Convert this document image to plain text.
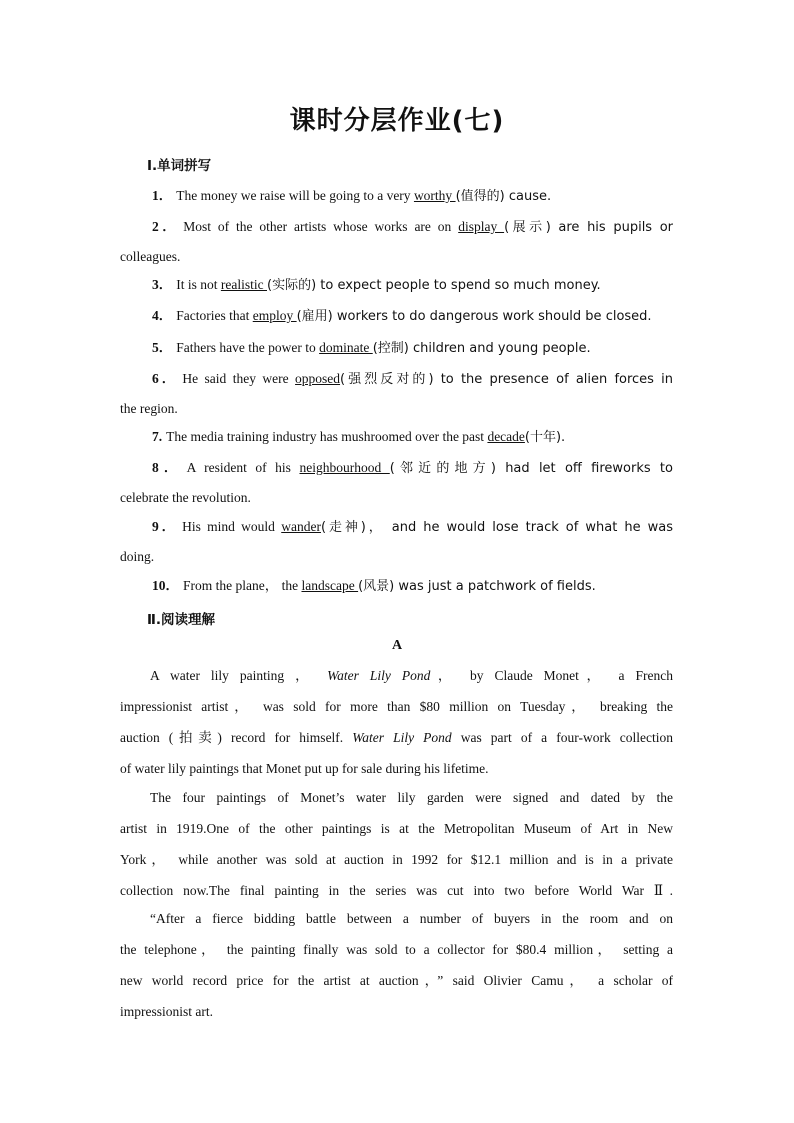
课时分层作业(七)
Ⅰ.单词拼写
1． The money we raise will be going to a very worthy (值得的) cause.
2． Most of the other artists whose works are on display (展示) are his pupils or
colleagues.
3． It is not realistic (实际的) to expect people to spend so much money.
4． Factories that employ (雇用) workers to do dangerous work should be closed.
5． Fathers have the power to dominate (控制) children and young people.
6． He said they were opposed(强烈反对的) to the presence of alien forces in
the region.
7. The media training industry has mushroomed over the past decade(十年).
8． A resident of his neighbourhood (邻近的地方) had let off fireworks to
celebrate the revolution.
9． His mind would wander(走神)， and he would lose track of what he was
doing.
10． From the plane， the landscape (风景) was just a patchwork of fields.
Ⅱ.阅读理解
A
A water lily painting ， Water Lily Pond， by Claude Monet， a French
impressionist artist， was sold for more than $80 million on Tuesday， breaking the
auction (拍卖) record for himself. Water Lily Pond was part of a four-work collection
of water lily paintings that Monet put up for sale during his lifetime.
The four paintings of Monet’s water lily garden were signed and dated by the
artist in 1919.One of the other paintings is at the Metropolitan Museum of Art in New
York， while another was sold at auction in 1992 for $12.1 million and is in a private
collection now.The final painting in the series was cut into two before World War Ⅱ.
“After a fierce bidding battle between a number of buyers in the room and on
the telephone， the painting finally was sold to a collector for $80.4 million， setting a
new world record price for the artist at auction，” said Olivier Camu， a scholar of
impressionist art.
